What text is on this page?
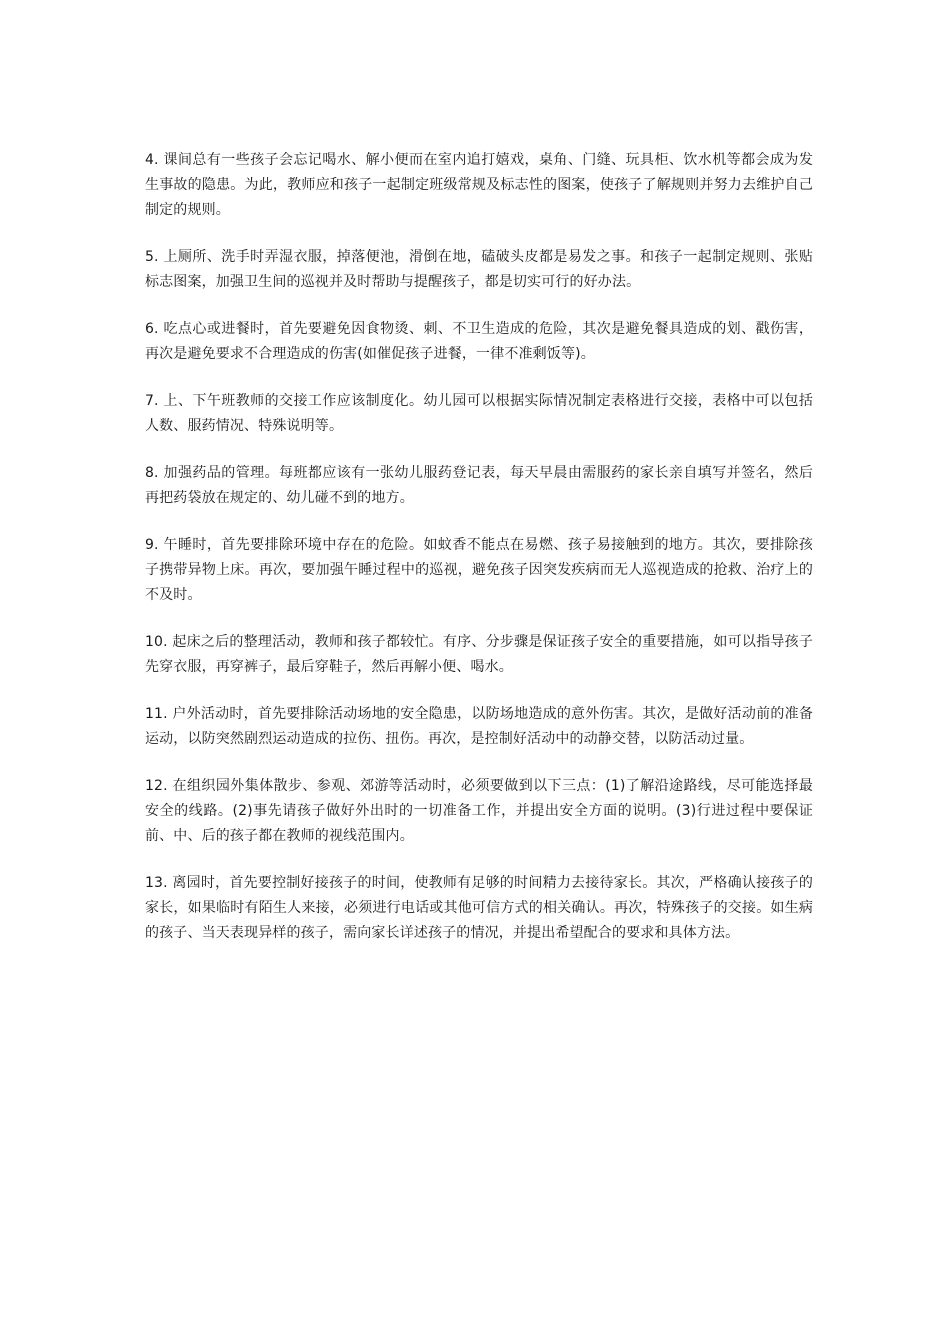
4. 课间总有一些孩子会忘记喝水、解小便而在室内追打嬉戏，桌角、门缝、玩具柜、饮水机等都会成为发生事故的隐患。为此，教师应和孩子一起制定班级常规及标志性的图案，使孩子了解规则并努力去维护自己制定的规则。

5. 上厕所、洗手时弄湿衣服，掉落便池，滑倒在地，磕破头皮都是易发之事。和孩子一起制定规则、张贴标志图案，加强卫生间的巡视并及时帮助与提醒孩子，都是切实可行的好办法。

6. 吃点心或进餐时，首先要避免因食物烫、刺、不卫生造成的危险，其次是避免餐具造成的划、戳伤害，再次是避免要求不合理造成的伤害(如催促孩子进餐，一律不准剩饭等)。

7. 上、下午班教师的交接工作应该制度化。幼儿园可以根据实际情况制定表格进行交接，表格中可以包括人数、服药情况、特殊说明等。

8. 加强药品的管理。每班都应该有一张幼儿服药登记表，每天早晨由需服药的家长亲自填写并签名，然后再把药袋放在规定的、幼儿碰不到的地方。

9. 午睡时，首先要排除环境中存在的危险。如蚊香不能点在易燃、孩子易接触到的地方。其次，要排除孩子携带异物上床。再次，要加强午睡过程中的巡视，避免孩子因突发疾病而无人巡视造成的抢救、治疗上的不及时。

10. 起床之后的整理活动，教师和孩子都较忙。有序、分步骤是保证孩子安全的重要措施，如可以指导孩子先穿衣服，再穿裤子，最后穿鞋子，然后再解小便、喝水。

11. 户外活动时，首先要排除活动场地的安全隐患，以防场地造成的意外伤害。其次，是做好活动前的准备运动，以防突然剧烈运动造成的拉伤、扭伤。再次，是控制好活动中的动静交替，以防活动过量。

12. 在组织园外集体散步、参观、郊游等活动时，必须要做到以下三点：(1)了解沿途路线，尽可能选择最安全的线路。(2)事先请孩子做好外出时的一切准备工作，并提出安全方面的说明。(3)行进过程中要保证前、中、后的孩子都在教师的视线范围内。

13. 离园时，首先要控制好接孩子的时间，使教师有足够的时间精力去接待家长。其次，严格确认接孩子的家长，如果临时有陌生人来接，必须进行电话或其他可信方式的相关确认。再次，特殊孩子的交接。如生病的孩子、当天表现异样的孩子，需向家长详述孩子的情况，并提出希望配合的要求和具体方法。
